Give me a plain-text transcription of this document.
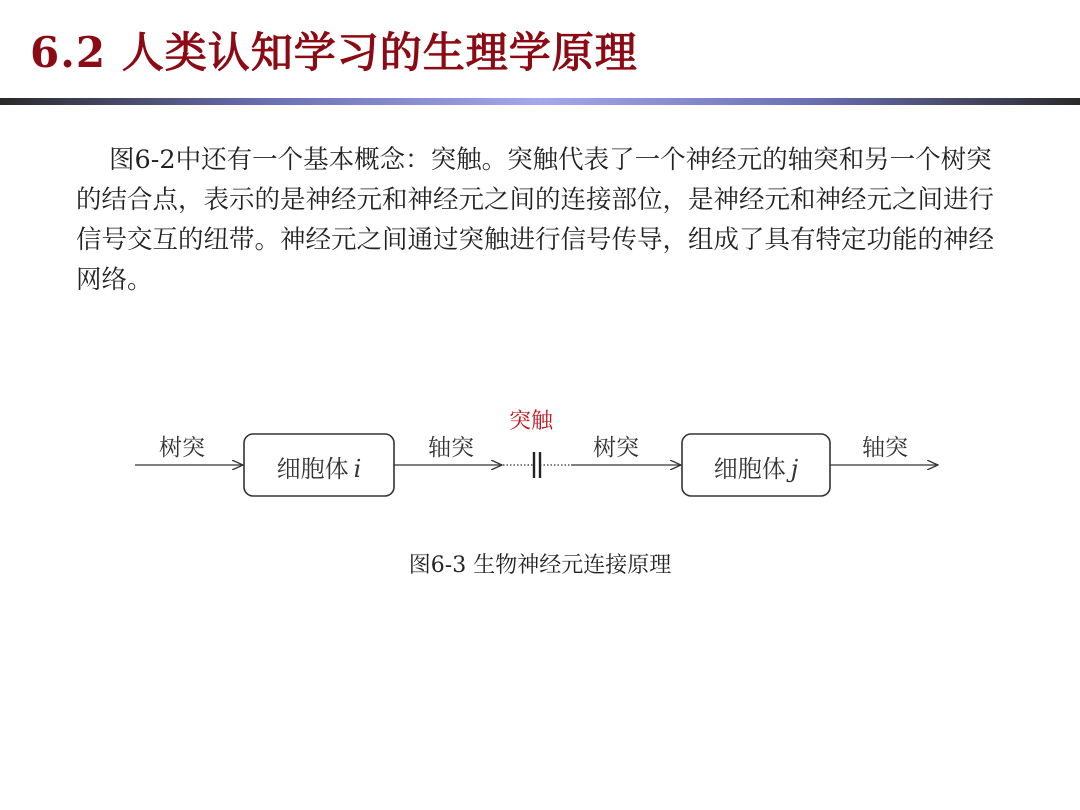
6.2 人类认知学习的生理学原理

图6-2中还有一个基本概念：突触。突触代表了一个神经元的轴突和另一个树突的结合点，表示的是神经元和神经元之间的连接部位，是神经元和神经元之间进行信号交互的纽带。神经元之间通过突触进行信号传导，组成了具有特定功能的神经网络。

树突
细胞体 i
轴突
突触
树突
细胞体 j
轴突
图6-3 生物神经元连接原理
